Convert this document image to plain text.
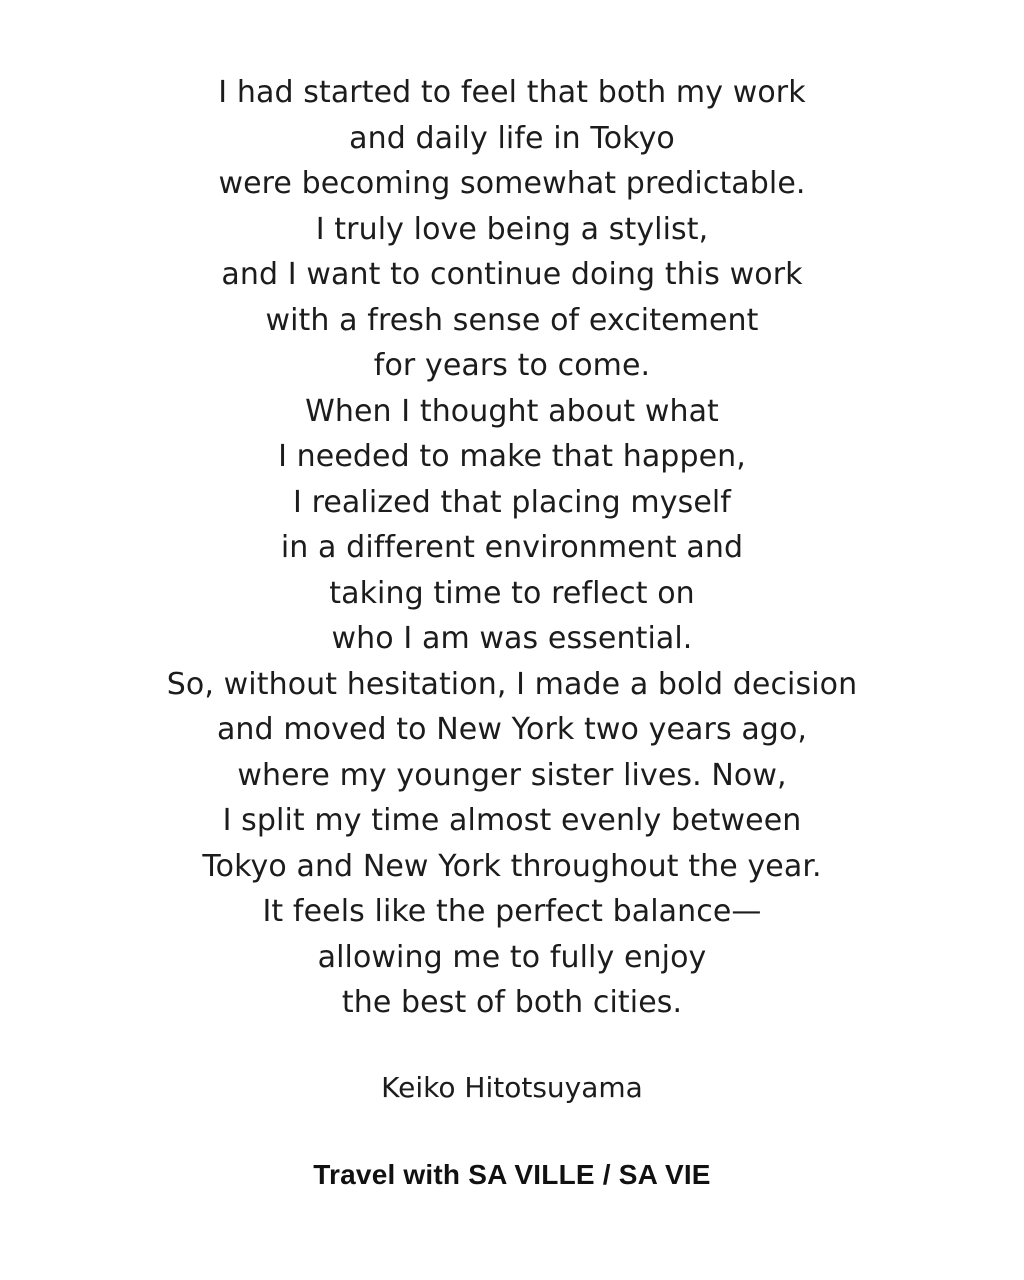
I had started to feel that both my work
and daily life in Tokyo
were becoming somewhat predictable.
I truly love being a stylist,
and I want to continue doing this work
with a fresh sense of excitement
for years to come.
When I thought about what
I needed to make that happen,
I realized that placing myself
in a different environment and
taking time to reflect on
who I am was essential.
So, without hesitation, I made a bold decision
and moved to New York two years ago,
where my younger sister lives. Now,
I split my time almost evenly between
Tokyo and New York throughout the year.
It feels like the perfect balance—
allowing me to fully enjoy
the best of both cities.
Keiko Hitotsuyama
Travel with SA VILLE / SA VIE
